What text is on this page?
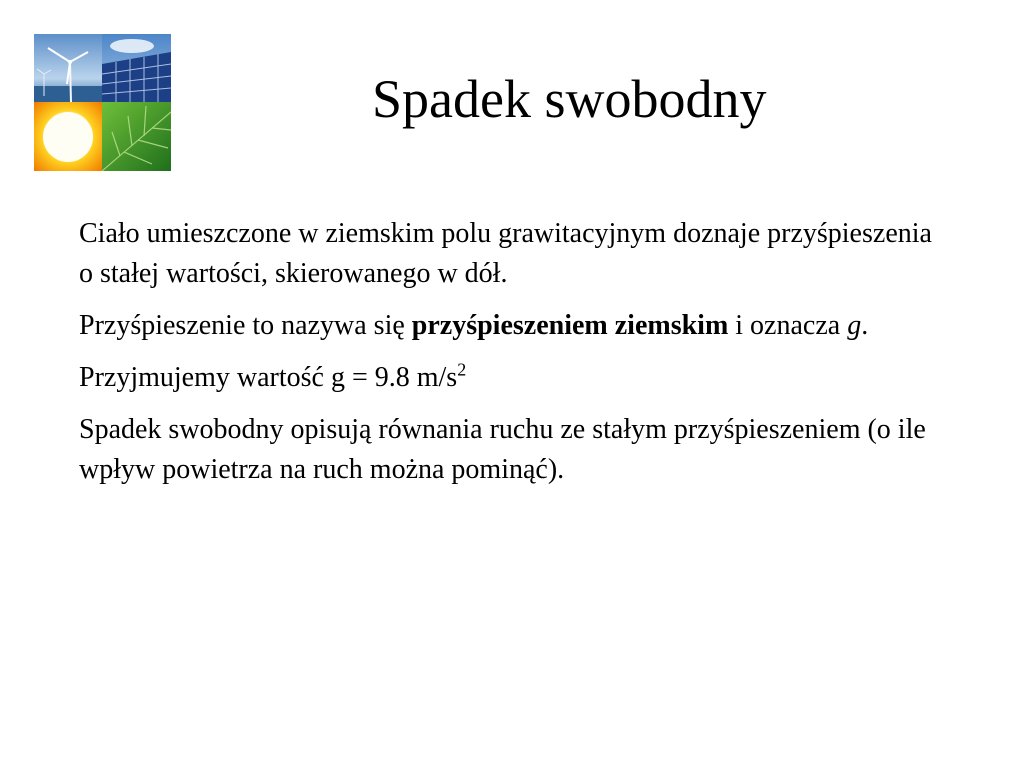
Spadek swobodny

Ciało umieszczone w ziemskim polu grawitacyjnym doznaje przyśpieszenia o stałej wartości, skierowanego w dół.

Przyśpieszenie to nazywa się przyśpieszeniem ziemskim i oznacza g.

Przyjmujemy wartość g = 9.8 $m/s^2$

Spadek swobodny opisują równania ruchu ze stałym przyśpieszeniem (o ile wpływ powietrza na ruch można pominąć).
